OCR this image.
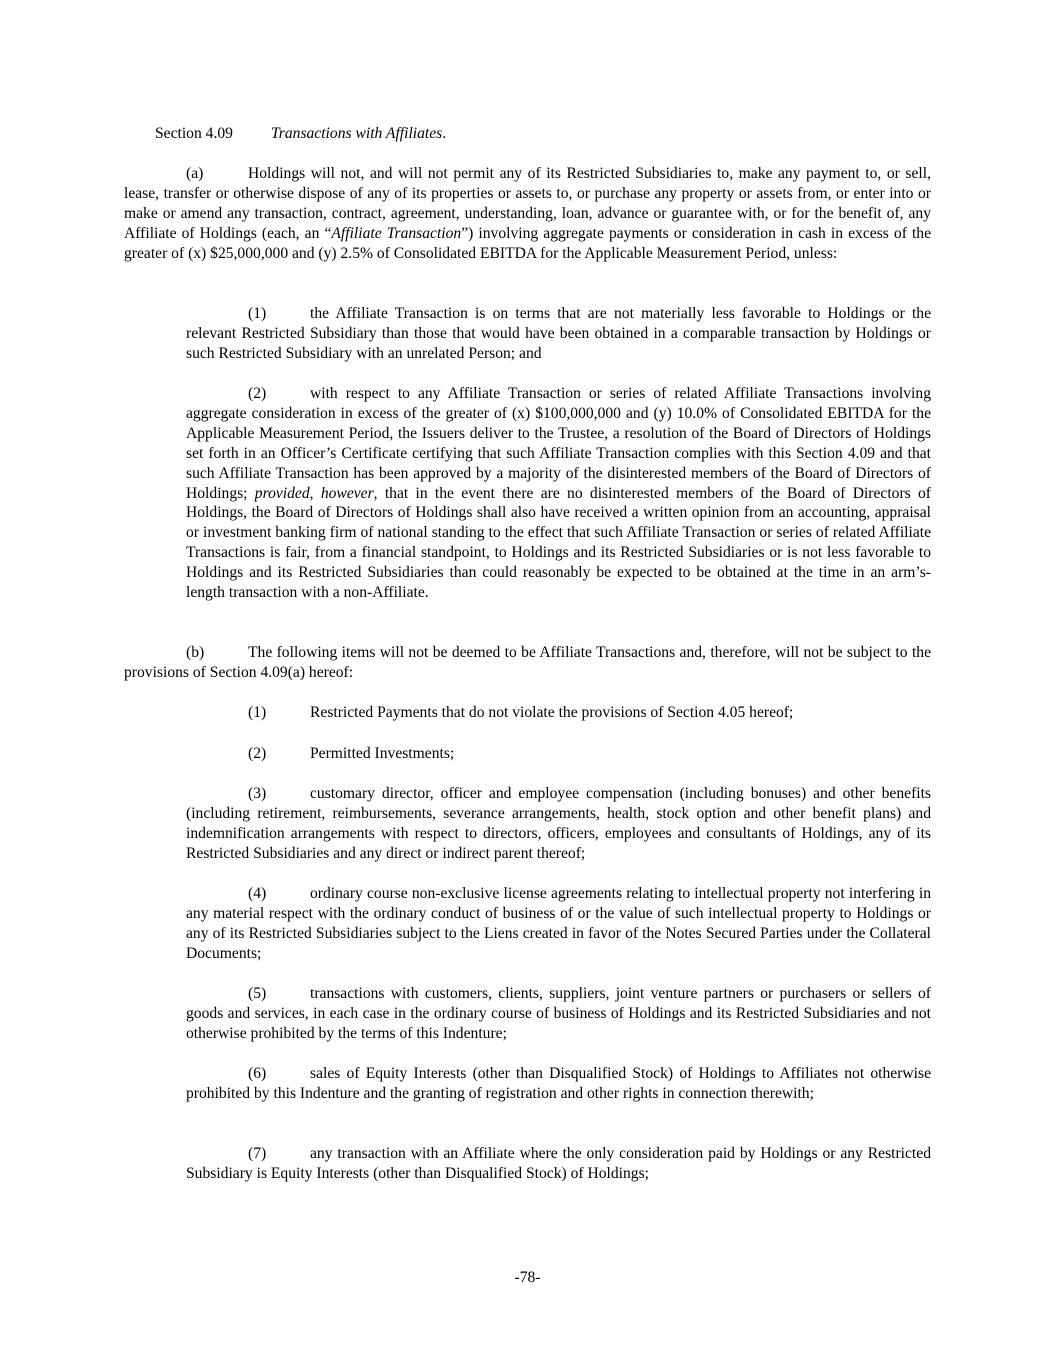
Section 4.09 Transactions with Affiliates.

(a)	Holdings will not, and will not permit any of its Restricted Subsidiaries to, make any payment to, or sell, lease, transfer or otherwise dispose of any of its properties or assets to, or purchase any property or assets from, or enter into or make or amend any transaction, contract, agreement, understanding, loan, advance or guarantee with, or for the benefit of, any Affiliate of Holdings (each, an “Affiliate Transaction”) involving aggregate payments or consideration in cash in excess of the greater of (x) $25,000,000 and (y) 2.5% of Consolidated EBITDA for the Applicable Measurement Period, unless:

(1)	the Affiliate Transaction is on terms that are not materially less favorable to Holdings or the relevant Restricted Subsidiary than those that would have been obtained in a comparable transaction by Holdings or such Restricted Subsidiary with an unrelated Person; and

(2)	with respect to any Affiliate Transaction or series of related Affiliate Transactions involving aggregate consideration in excess of the greater of (x) $100,000,000 and (y) 10.0% of Consolidated EBITDA for the Applicable Measurement Period, the Issuers deliver to the Trustee, a resolution of the Board of Directors of Holdings set forth in an Officer’s Certificate certifying that such Affiliate Transaction complies with this Section 4.09 and that such Affiliate Transaction has been approved by a majority of the disinterested members of the Board of Directors of Holdings; provided, however, that in the event there are no disinterested members of the Board of Directors of Holdings, the Board of Directors of Holdings shall also have received a written opinion from an accounting, appraisal or investment banking firm of national standing to the effect that such Affiliate Transaction or series of related Affiliate Transactions is fair, from a financial standpoint, to Holdings and its Restricted Subsidiaries or is not less favorable to Holdings and its Restricted Subsidiaries than could reasonably be expected to be obtained at the time in an arm’s-length transaction with a non-Affiliate.

(b)	The following items will not be deemed to be Affiliate Transactions and, therefore, will not be subject to the provisions of Section 4.09(a) hereof:

(1)	Restricted Payments that do not violate the provisions of Section 4.05 hereof;

(2)	Permitted Investments;

(3)	customary director, officer and employee compensation (including bonuses) and other benefits (including retirement, reimbursements, severance arrangements, health, stock option and other benefit plans) and indemnification arrangements with respect to directors, officers, employees and consultants of Holdings, any of its Restricted Subsidiaries and any direct or indirect parent thereof;

(4)	ordinary course non-exclusive license agreements relating to intellectual property not interfering in any material respect with the ordinary conduct of business of or the value of such intellectual property to Holdings or any of its Restricted Subsidiaries subject to the Liens created in favor of the Notes Secured Parties under the Collateral Documents;

(5)	transactions with customers, clients, suppliers, joint venture partners or purchasers or sellers of goods and services, in each case in the ordinary course of business of Holdings and its Restricted Subsidiaries and not otherwise prohibited by the terms of this Indenture;

(6)	sales of Equity Interests (other than Disqualified Stock) of Holdings to Affiliates not otherwise prohibited by this Indenture and the granting of registration and other rights in connection therewith;

(7)	any transaction with an Affiliate where the only consideration paid by Holdings or any Restricted Subsidiary is Equity Interests (other than Disqualified Stock) of Holdings;

-78-
